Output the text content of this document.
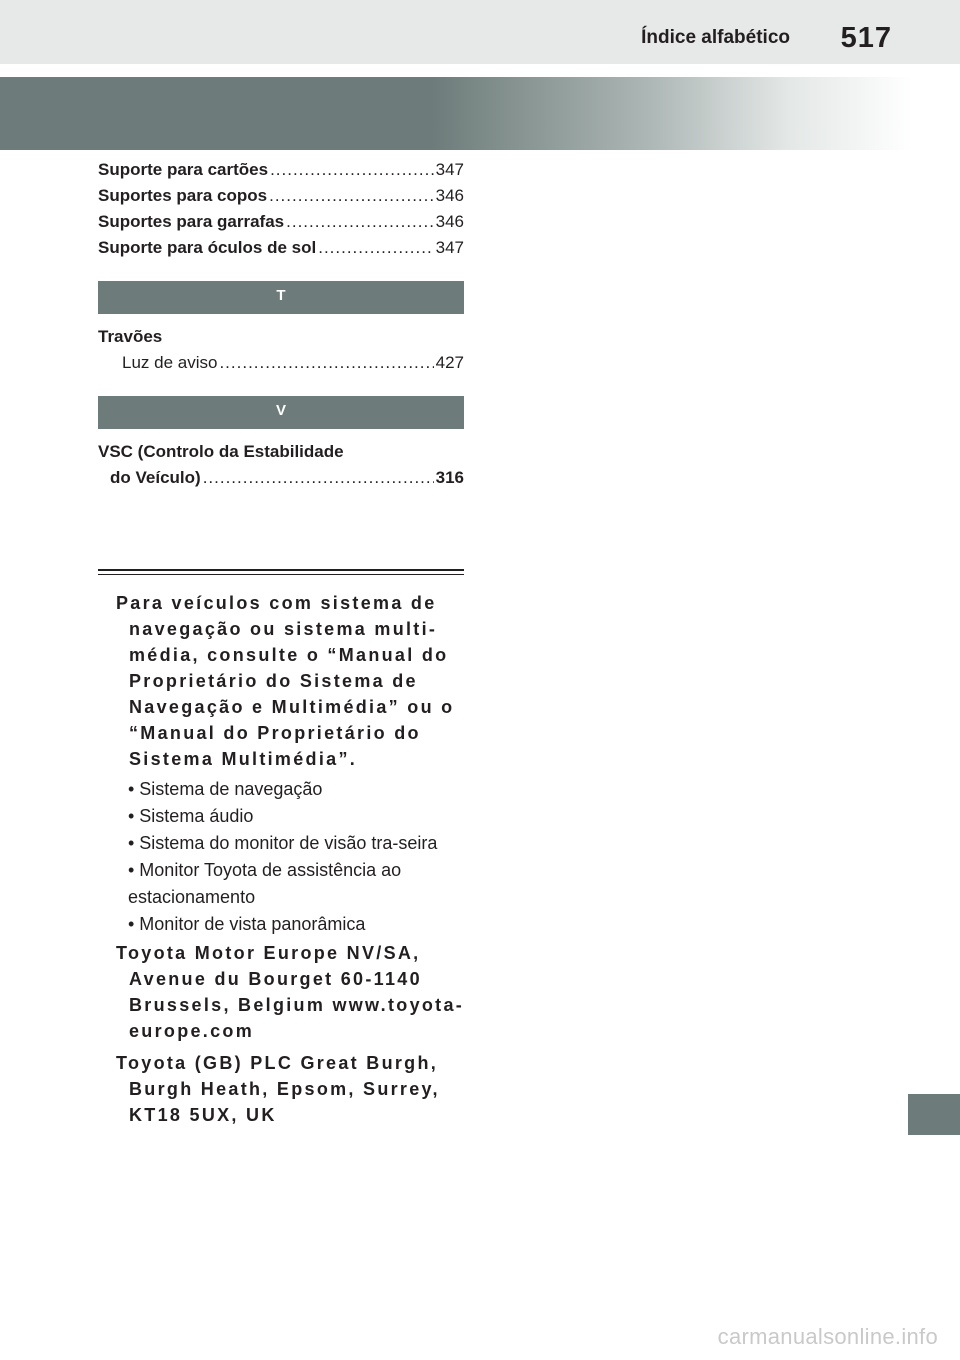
Índice alfabético 517
Suporte para cartões .....	347
Suportes para copos .....	346
Suportes para garrafas .....	346
Suporte para óculos de sol .....	347
T
Travões
Luz de aviso .....	427
V
VSC (Controlo da Estabilidade
do Veículo) .....	316

Para veículos com sistema de navegação ou sistema multi-média, consulte o “Manual do Proprietário do Sistema de Navegação e Multimédia” ou o “Manual do Proprietário do Sistema Multimédia”.

• Sistema de navegação

• Sistema áudio

• Sistema do monitor de visão tra-seira

• Monitor Toyota de assistência ao estacionamento

• Monitor de vista panorâmica

Toyota Motor Europe NV/SA, Avenue du Bourget 60-1140 Brussels, Belgium www.toyota-europe.com

Toyota (GB) PLC Great Burgh, Burgh Heath, Epsom, Surrey, KT18 5UX, UK

carmanualsonline.info
